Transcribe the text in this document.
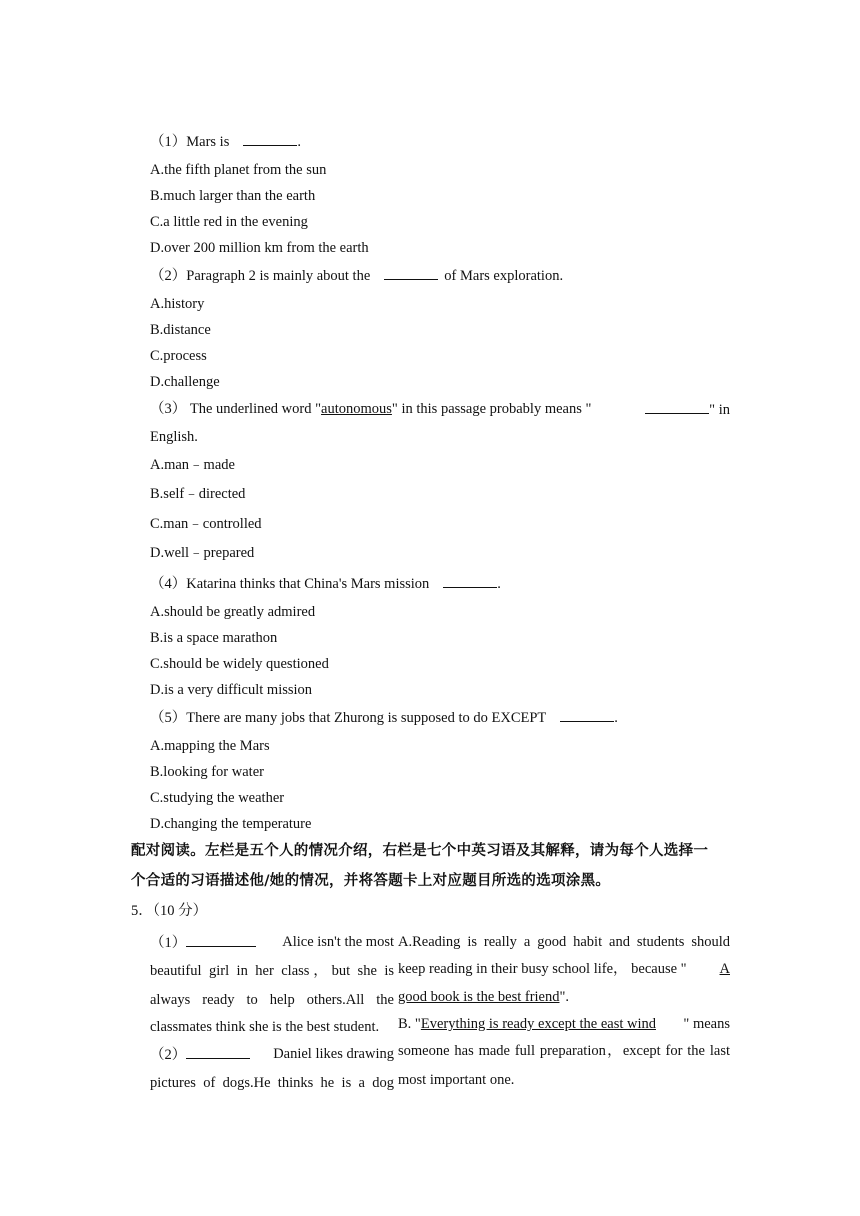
（1）Mars is	.
A.the fifth planet from the sun
B.much larger than the earth
C.a little red in the evening
D.over 200 million km from the earth
（2）Paragraph 2 is mainly about the	of Mars exploration.
A.history
B.distance
C.process
D.challenge
（3） The underlined word "autonomous" in this passage probably means "	" in
English.
A.man﹣made
B.self﹣directed
C.man﹣controlled
D.well﹣prepared
（4）Katarina thinks that China's Mars mission	.
A.should be greatly admired
B.is a space marathon
C.should be widely questioned
D.is a very difficult mission
（5）There are many jobs that Zhurong is supposed to do EXCEPT	.
A.mapping the Mars
B.looking for water
C.studying the weather
D.changing the temperature
配对阅读。左栏是五个人的情况介绍，右栏是七个中英习语及其解释，请为每个人选择一
个合适的习语描述他/她的情况，并将答题卡上对应题目所选的选项涂黑。
5．（10 分）
（1）	Alice isn't the most
beautiful girl in her class，but she is
always ready to help others.All the
classmates think she is the best student.
（2）	Daniel likes drawing
pictures of dogs.He thinks he is a dog
A.Reading is really a good habit and students should
keep reading in their busy school life， because " A
good book is the best friend".
B. "Everything is ready except the east wind " means
someone has made full preparation，except for the last
most important one.
